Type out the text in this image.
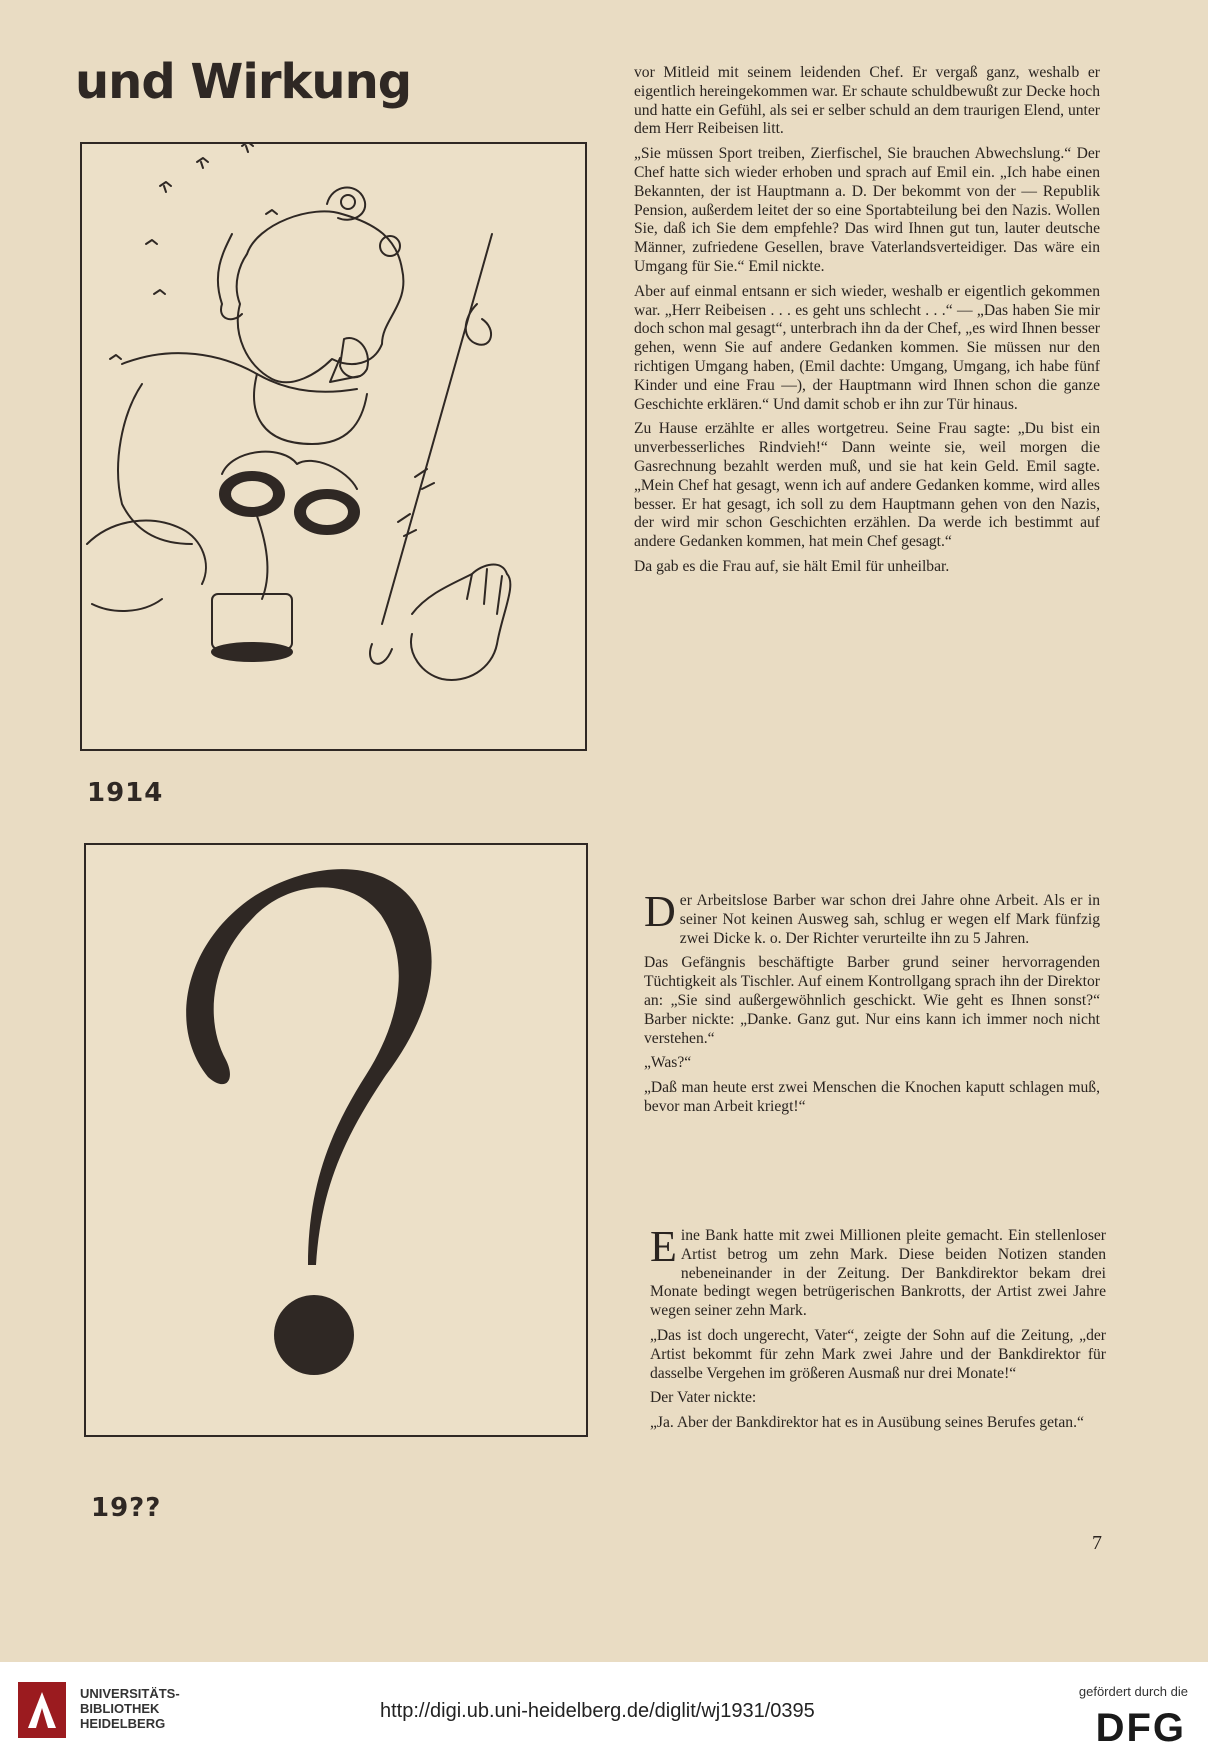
und Wirkung

1914

19??

vor Mitleid mit seinem leidenden Chef. Er vergaß ganz, weshalb er eigentlich hereingekommen war. Er schaute schuldbewußt zur Decke hoch und hatte ein Gefühl, als sei er selber schuld an dem traurigen Elend, unter dem Herr Reibeisen litt.

„Sie müssen Sport treiben, Zierfischel, Sie brauchen Abwechslung.“ Der Chef hatte sich wieder erhoben und sprach auf Emil ein. „Ich habe einen Bekannten, der ist Hauptmann a. D. Der bekommt von der — Republik Pension, außerdem leitet der so eine Sportabteilung bei den Nazis. Wollen Sie, daß ich Sie dem empfehle? Das wird Ihnen gut tun, lauter deutsche Männer, zufriedene Gesellen, brave Vaterlandsverteidiger. Das wäre ein Umgang für Sie.“ Emil nickte.

Aber auf einmal entsann er sich wieder, weshalb er eigentlich gekommen war. „Herr Reibeisen . . . es geht uns schlecht . . .“ — „Das haben Sie mir doch schon mal gesagt“, unterbrach ihn da der Chef, „es wird Ihnen besser gehen, wenn Sie auf andere Gedanken kommen. Sie müssen nur den richtigen Umgang haben, (Emil dachte: Umgang, Umgang, ich habe fünf Kinder und eine Frau —), der Hauptmann wird Ihnen schon die ganze Geschichte erklären.“ Und damit schob er ihn zur Tür hinaus.

Zu Hause erzählte er alles wortgetreu. Seine Frau sagte: „Du bist ein unverbesserliches Rindvieh!“ Dann weinte sie, weil morgen die Gasrechnung bezahlt werden muß, und sie hat kein Geld. Emil sagte. „Mein Chef hat gesagt, wenn ich auf andere Gedanken komme, wird alles besser. Er hat gesagt, ich soll zu dem Hauptmann gehen von den Nazis, der wird mir schon Geschichten erzählen. Da werde ich bestimmt auf andere Gedanken kommen, hat mein Chef gesagt.“

Da gab es die Frau auf, sie hält Emil für unheilbar.

Der Arbeitslose Barber war schon drei Jahre ohne Arbeit. Als er in seiner Not keinen Ausweg sah, schlug er wegen elf Mark fünfzig zwei Dicke k. o. Der Richter verurteilte ihn zu 5 Jahren.

Das Gefängnis beschäftigte Barber grund seiner hervorragenden Tüchtigkeit als Tischler. Auf einem Kontrollgang sprach ihn der Direktor an: „Sie sind außergewöhnlich geschickt. Wie geht es Ihnen sonst?“ Barber nickte: „Danke. Ganz gut. Nur eins kann ich immer noch nicht verstehen.“

„Was?“

„Daß man heute erst zwei Menschen die Knochen kaputt schlagen muß, bevor man Arbeit kriegt!“

Eine Bank hatte mit zwei Millionen pleite gemacht. Ein stellenloser Artist betrog um zehn Mark. Diese beiden Notizen standen nebeneinander in der Zeitung. Der Bankdirektor bekam drei Monate bedingt wegen betrügerischen Bankrotts, der Artist zwei Jahre wegen seiner zehn Mark.

„Das ist doch ungerecht, Vater“, zeigte der Sohn auf die Zeitung, „der Artist bekommt für zehn Mark zwei Jahre und der Bankdirektor für dasselbe Vergehen im größeren Ausmaß nur drei Monate!“

Der Vater nickte:

„Ja. Aber der Bankdirektor hat es in Ausübung seines Berufes getan.“

7

UNIVERSITÄTS-
BIBLIOTHEK
HEIDELBERG

http://digi.ub.uni-heidelberg.de/diglit/wj1931/0395

gefördert durch die

DFG
